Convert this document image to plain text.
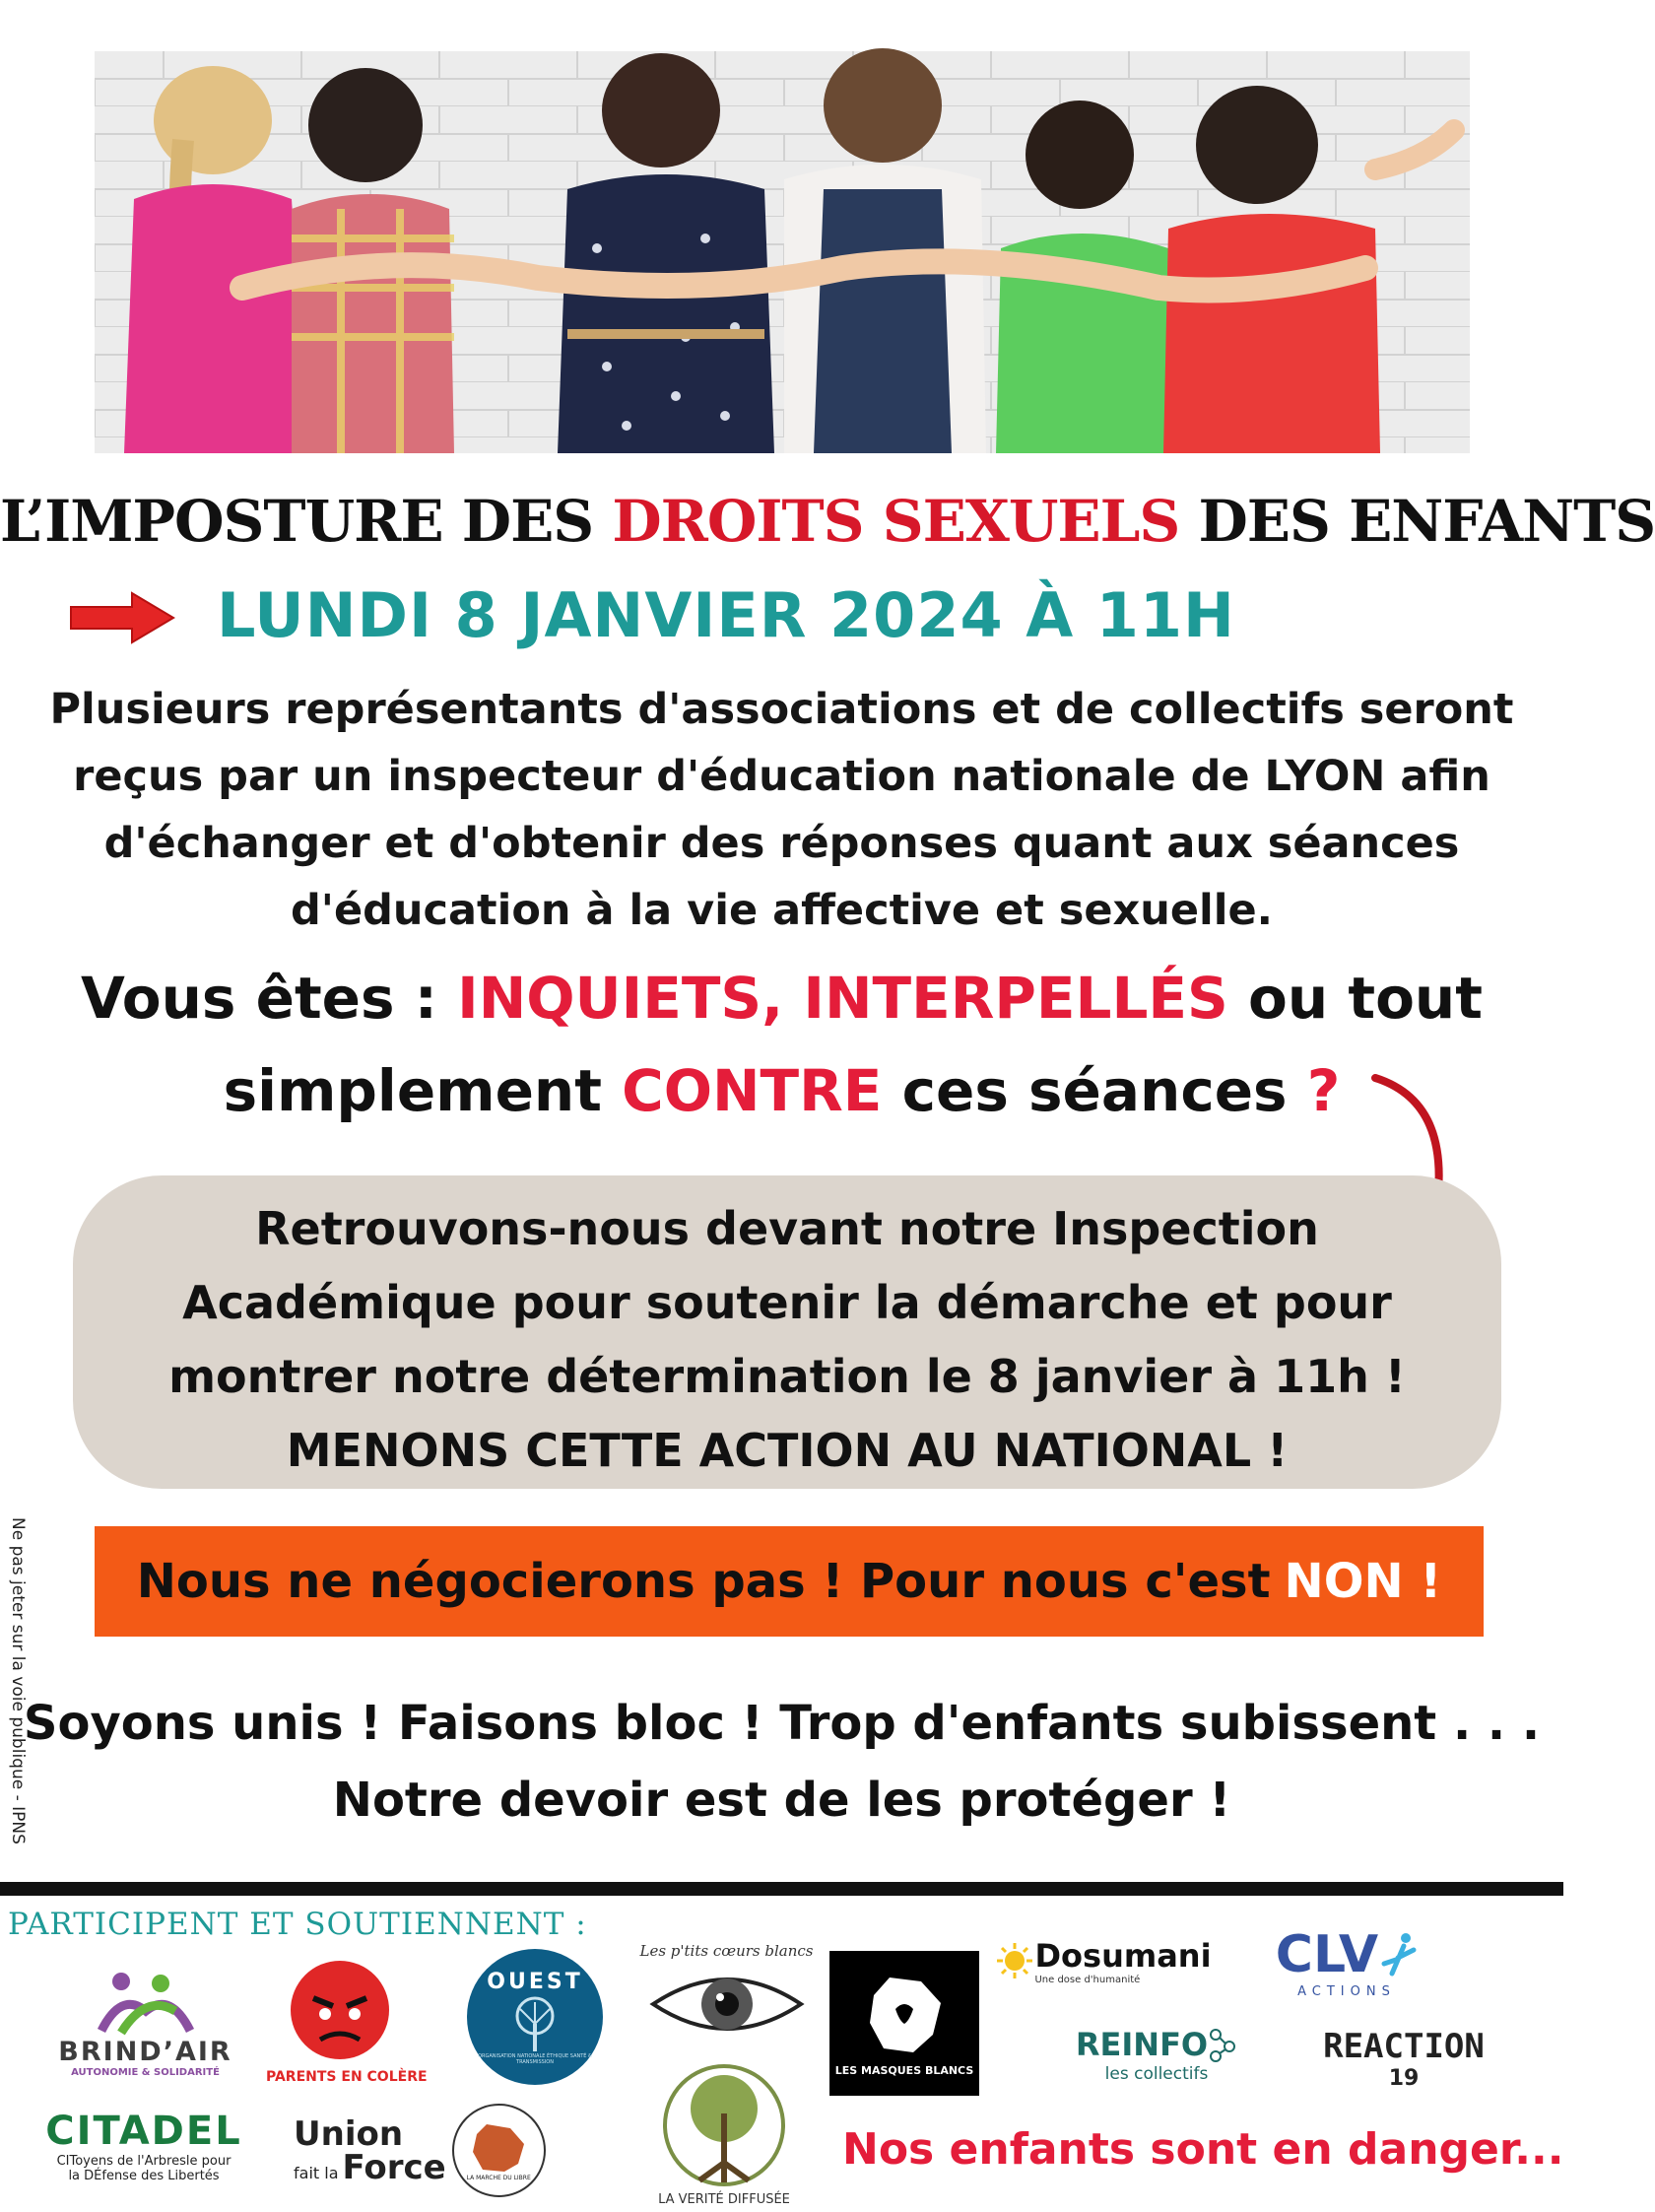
L’IMPOSTURE DES DROITS SEXUELS DES ENFANTS
LUNDI 8 JANVIER 2024 À 11H
Plusieurs représentants d'associations et de collectifs seront
reçus par un inspecteur d'éducation nationale de LYON afin
d'échanger et d'obtenir des réponses quant aux séances
d'éducation à la vie affective et sexuelle.
Vous êtes : INQUIETS, INTERPELLÉS ou tout
simplement CONTRE ces séances ?
Retrouvons-nous devant notre Inspection
Académique pour soutenir la démarche et pour
montrer notre détermination le 8 janvier à 11h !
MENONS CETTE ACTION AU NATIONAL !
Nous ne négocierons pas ! Pour nous c'est NON !
Soyons unis ! Faisons bloc ! Trop d'enfants subissent . . .
Notre devoir est de les protéger !
Ne pas jeter sur la voie publique - IPNS
PARTICIPENT ET SOUTIENNENT :
BRIND’AIR
AUTONOMIE & SOLIDARITÉ	PARENTS EN COLÈRE
OUEST
ORGANISATION NATIONALE ÉTHIQUE SANTÉ & TRANSMISSION
Les p'tits cœurs blancs
LA VERITÉ DIFFUSÉE
LES MASQUES BLANCS
Dosumani
Une dose d'humanité
REINFO
les collectifs
CLV
ACTIONS
REACTION
19
CITADEL
CIToyens de l'Arbresle pour
la DÉfense des Libertés
Union
fait la Force	LA MARCHE DU LIBRE
Nos enfants sont en danger...
